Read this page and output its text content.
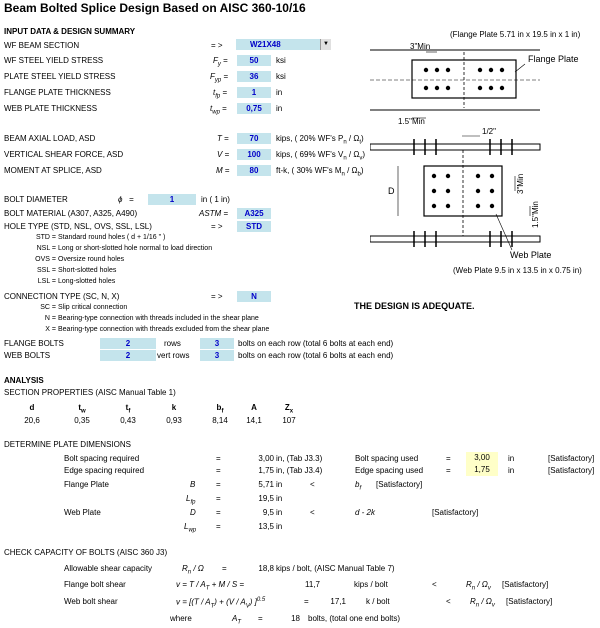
Beam Bolted Splice Design Based on AISC 360-10/16
INPUT DATA & DESIGN SUMMARY	(Flange Plate 5.71 in x 19.5 in x 1 in)
WF BEAM SECTION	= >	W21X48	▼
WF STEEL YIELD STRESS	$F_y$ =	50	ksi
PLATE STEEL YIELD STRESS	$F_{yp}$ =	36	ksi
FLANGE PLATE THICKNESS	$t_{fp}$ =	1	in
WEB PLATE THICKNESS	$t_{wp}$ =	0,75	in
BEAM AXIAL LOAD, ASD	T =	70	kips, ( 20% WF's $P_n / \Omega_t$)
VERTICAL SHEAR FORCE, ASD	V =	100	kips, ( 69% WF's $V_n / \Omega_v$)
MOMENT AT SPLICE, ASD	M =	80	ft-k, ( 30% WF's $M_n / \Omega_b$)
BOLT DIAMETER	ϕ =	1	in ( 1 in)
BOLT MATERIAL (A307, A325, A490)	ASTM =	A325
HOLE TYPE (STD, NSL, OVS, SSL, LSL)	= >	STD
STD = Standard round holes ( d + 1/16 " )
NSL = Long or short-slotted hole normal to load direction
OVS = Oversize round holes
SSL = Short-slotted holes
LSL = Long-slotted holes
CONNECTION TYPE (SC, N, X)	= >	N
SC = Slip critical connection
N = Bearing-type connection with threads included in the shear plane
X = Bearing-type connection with threads excluded from the shear plane
THE DESIGN IS ADEQUATE.
FLANGE BOLTS	2	rows	3	bolts on each row (total 6 bolts at each end)
WEB BOLTS	2	vert rows	3	bolts on each row (total 6 bolts at each end)
ANALYSIS
SECTION PROPERTIES (AISC Manual Table 1)
d	$t_w$	$t_f$	k	$b_f$	A	$Z_x$
20,6	0,35	0,43	0,93	8,14	14,1	107
DETERMINE PLATE DIMENSIONS
Bolt spacing required	=	3,00 in, (Tab J3.3)	Bolt spacing used	=	3,00	in	[Satisfactory]
Edge spacing required	=	1,75 in, (Tab J3.4)	Edge spacing used	=	1,75	in	[Satisfactory]
Flange Plate	B	=	5,71 in	<	$b_f$ [Satisfactory]
$L_{fp}$	=	19,5 in
Web Plate	D	=	9,5 in	<	d - 2k	[Satisfactory]
$L_{wp}$ =	13,5 in
CHECK CAPACITY OF BOLTS (AISC 360 J3)
Allowable shear capacity	$R_n$ / Ω =	18,8 kips / bolt, (AISC Manual Table 7)
Flange bolt shear	$v = T / A_T + M / S$ =	11,7	kips / bolt	<	$R_n / \Omega_v$ [Satisfactory]
Web bolt shear	$v = [(T / A_T) + (V / A_V)$ ]$^{0.5}$	=	17,1	k / bolt	< $R_n / \Omega_v$ [Satisfactory]
where	$A_T$ =	18 bolts, (total one end bolts)
3"Min
Flange Plate
1.5"Min
1/2"
D	3"Min
1.5"Min
Web Plate
(Web Plate 9.5 in x 13.5 in x 0.75 in)
